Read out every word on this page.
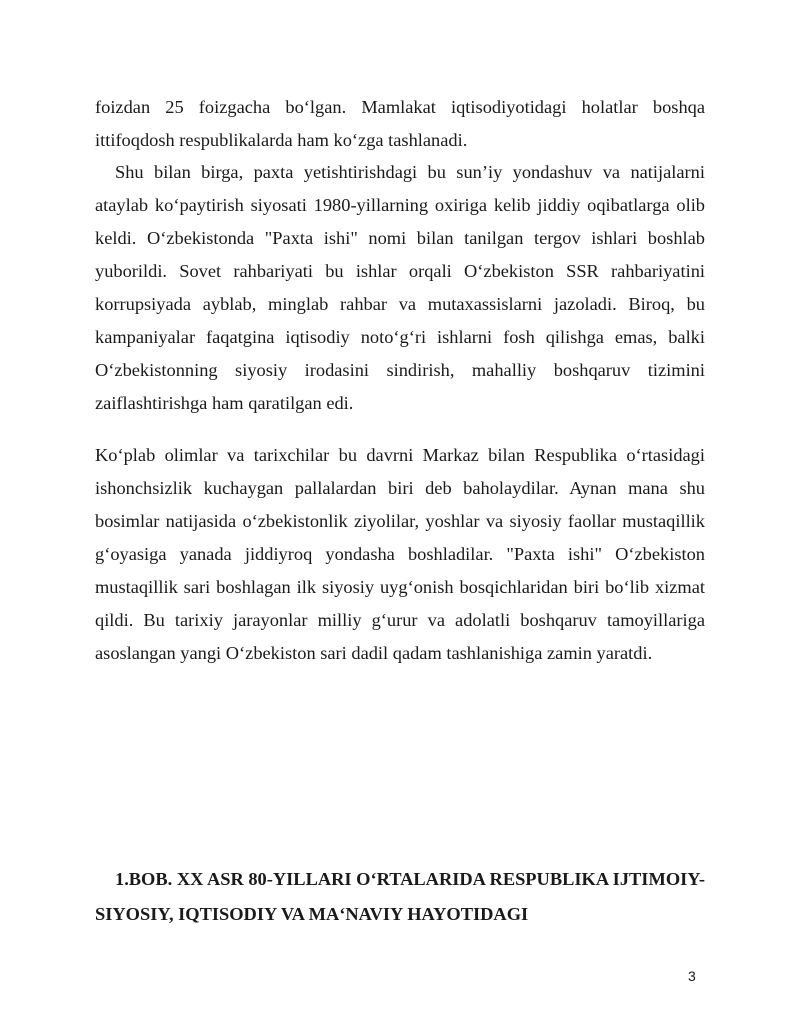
foizdan 25 foizgacha bo‘lgan. Mamlakat iqtisodiyotidagi holatlar boshqa ittifoqdosh respublikalarda ham ko‘zga tashlanadi.

Shu bilan birga, paxta yetishtirishdagi bu sun’iy yondashuv va natijalarni ataylab ko‘paytirish siyosati 1980-yillarning oxiriga kelib jiddiy oqibatlarga olib keldi. O‘zbekistonda "Paxta ishi" nomi bilan tanilgan tergov ishlari boshlab yuborildi. Sovet rahbariyati bu ishlar orqali O‘zbekiston SSR rahbariyatini korrupsiyada ayblab, minglab rahbar va mutaxassislarni jazoladi. Biroq, bu kampaniyalar faqatgina iqtisodiy noto‘g‘ri ishlarni fosh qilishga emas, balki O‘zbekistonning siyosiy irodasini sindirish, mahalliy boshqaruv tizimini zaiflashtirishga ham qaratilgan edi.

Ko‘plab olimlar va tarixchilar bu davrni Markaz bilan Respublika o‘rtasidagi ishonchsizlik kuchaygan pallalardan biri deb baholaydilar. Aynan mana shu bosimlar natijasida o‘zbekistonlik ziyolilar, yoshlar va siyosiy faollar mustaqillik g‘oyasiga yanada jiddiyroq yondasha boshladilar. "Paxta ishi" O‘zbekiston mustaqillik sari boshlagan ilk siyosiy uyg‘onish bosqichlaridan biri bo‘lib xizmat qildi. Bu tarixiy jarayonlar milliy g‘urur va adolatli boshqaruv tamoyillariga asoslangan yangi O‘zbekiston sari dadil qadam tashlanishiga zamin yaratdi.

1.BOB. XX ASR 80-YILLARI O‘RTALARIDA RESPUBLIKA IJTIMOIY-SIYOSIY, IQTISODIY VA MA‘NAVIY HAYOTIDAGI

3
